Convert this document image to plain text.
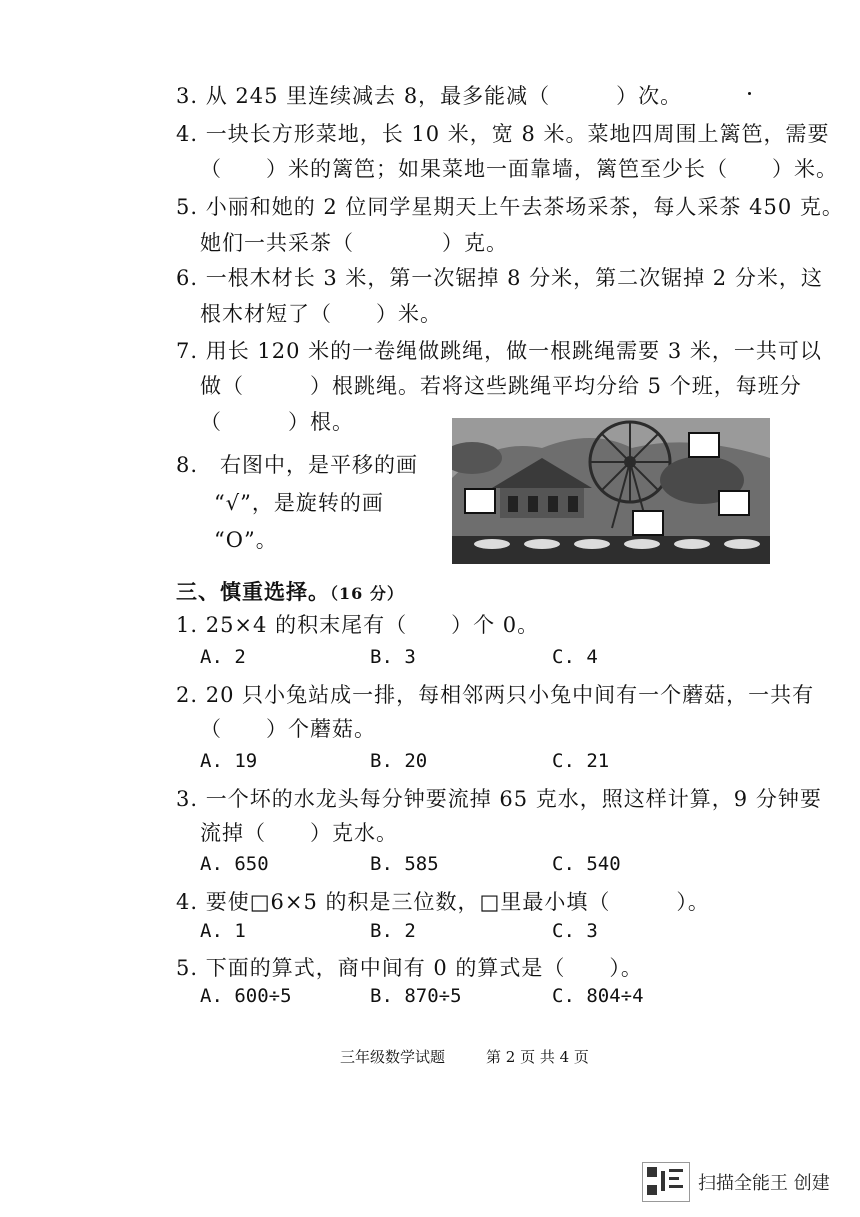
3. 从 245 里连续减去 8，最多能减（　　　）次。
4. 一块长方形菜地，长 10 米，宽 8 米。菜地四周围上篱笆，需要
（　　）米的篱笆；如果菜地一面靠墙，篱笆至少长（　　）米。
5. 小丽和她的 2 位同学星期天上午去茶场采茶，每人采茶 450 克。
她们一共采茶（　　　　）克。
6. 一根木材长 3 米，第一次锯掉 8 分米，第二次锯掉 2 分米，这
根木材短了（　　）米。
7. 用长 120 米的一卷绳做跳绳，做一根跳绳需要 3 米，一共可以
做（　　　）根跳绳。若将这些跳绳平均分给 5 个班，每班分
（　　　）根。
8.　右图中，是平移的画
“√”，是旋转的画
“O”。
三、慎重选择。（16 分）
1. 25×4 的积末尾有（　　）个 0。
A. 2	B. 3	C. 4
2. 20 只小兔站成一排，每相邻两只小兔中间有一个蘑菇，一共有
（　　）个蘑菇。
A. 19	B. 20	C. 21
3. 一个坏的水龙头每分钟要流掉 65 克水，照这样计算，9 分钟要
流掉（　　）克水。
A. 650	B. 585	C. 540
4. 要使□6×5 的积是三位数，□里最小填（　　　）。
A. 1	B. 2	C. 3
5. 下面的算式，商中间有 0 的算式是（　　）。
A. 600÷5	B. 870÷5	C. 804÷4
三年级数学试题	第 2 页 共 4 页
扫描全能王 创建
